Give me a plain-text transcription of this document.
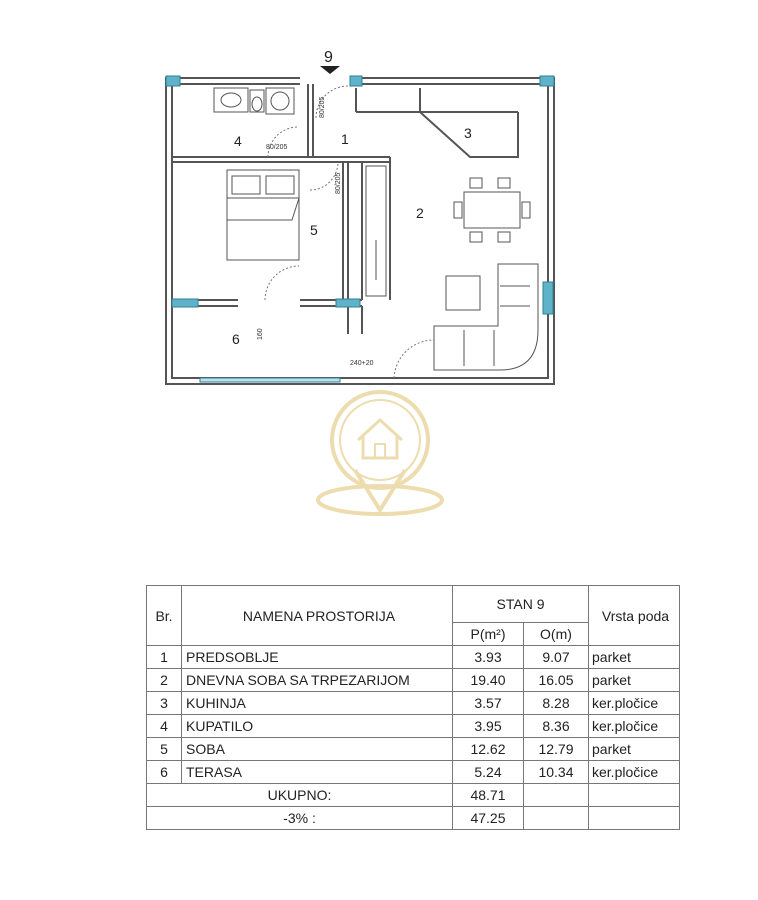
9
1
2
3
4
5
6
80/205
80/205
80/205
240+20
160
Br.	NAMENA PROSTORIJA	STAN 9		Vrsta poda
		P(m²)	O(m)	
1	PREDSOBLJE	3.93	9.07	parket
2	DNEVNA SOBA SA TRPEZARIJOM	19.40	16.05	parket
3	KUHINJA	3.57	8.28	ker.pločice
4	KUPATILO	3.95	8.36	ker.pločice
5	SOBA	12.62	12.79	parket
6	TERASA	5.24	10.34	ker.pločice
UKUPNO:		48.71		
-3% :		47.25		
